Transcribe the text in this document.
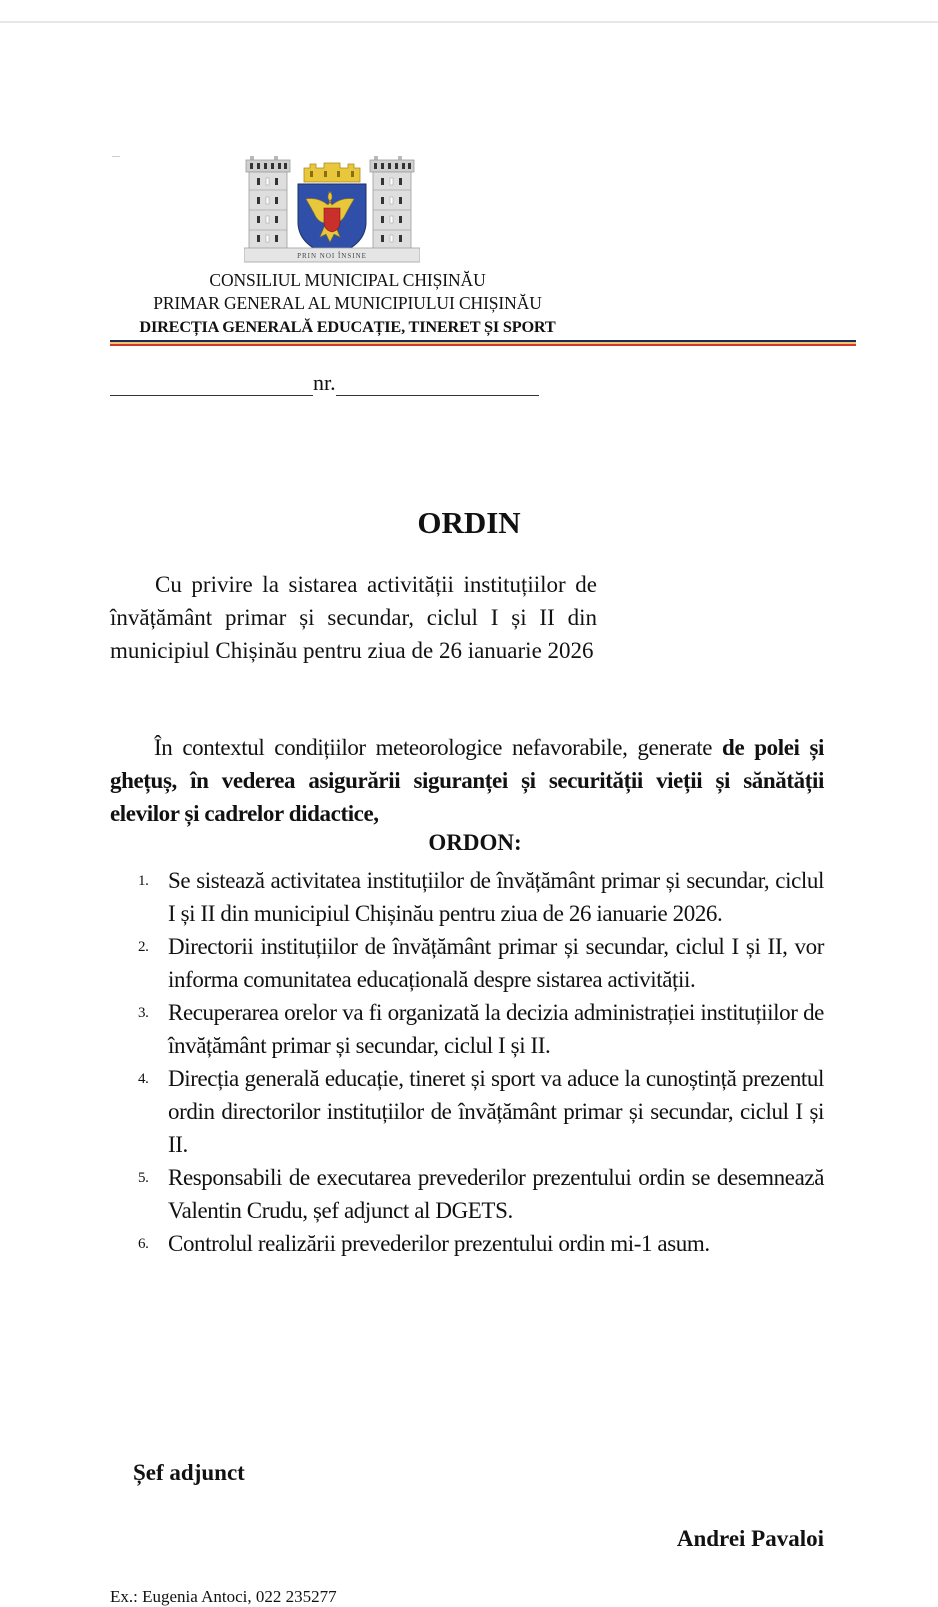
PRIN NOI ÎNSINE
CONSILIUL MUNICIPAL CHIȘINĂU
PRIMAR GENERAL AL MUNICIPIULUI CHIȘINĂU
DIRECȚIA GENERALĂ EDUCAȚIE, TINERET ȘI SPORT
nr.
ORDIN
Cu privire la sistarea activității instituțiilor de învățământ primar și secundar, ciclul I și II din municipiul Chișinău pentru ziua de 26 ianuarie 2026
În contextul condițiilor meteorologice nefavorabile, generate de polei și ghețuș, în vederea asigurării siguranței și securității vieții și sănătății elevilor și cadrelor didactice,
ORDON:
1. Se sistează activitatea instituțiilor de învățământ primar și secundar, ciclul I și II din municipiul Chișinău pentru ziua de 26 ianuarie 2026.
2. Directorii instituțiilor de învățământ primar și secundar, ciclul I și II, vor informa comunitatea educațională despre sistarea activității.
3. Recuperarea orelor va fi organizată la decizia administrației instituțiilor de învățământ primar și secundar, ciclul I și II.
4. Direcția generală educație, tineret și sport va aduce la cunoștință prezentul ordin directorilor instituțiilor de învățământ primar și secundar, ciclul I și II.
5. Responsabili de executarea prevederilor prezentului ordin se desemnează Valentin Crudu, șef adjunct al DGETS.
6. Controlul realizării prevederilor prezentului ordin mi-1 asum.
Șef adjunct
Andrei Pavaloi
Ex.: Eugenia Antoci, 022 235277
